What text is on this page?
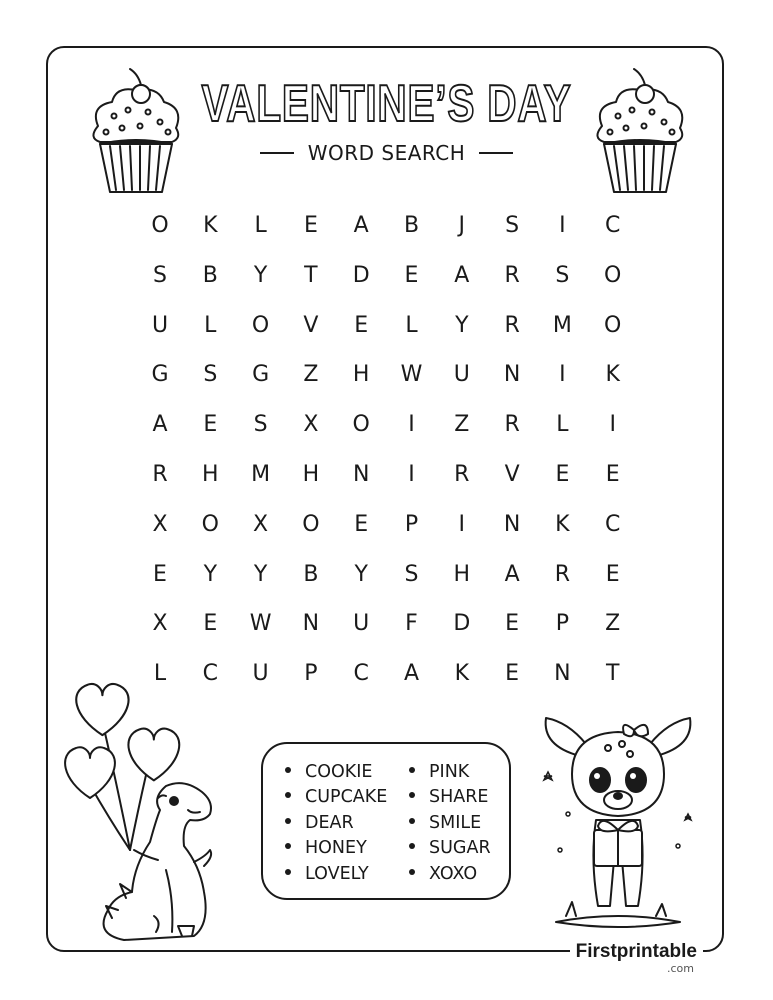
VALENTINE’S DAY
WORD SEARCH
O	K	L	E	A	B	J	S	I	C
S	B	Y	T	D	E	A	R	S	O
U	L	O	V	E	L	Y	R	M	O
G	S	G	Z	H	W	U	N	I	K
A	E	S	X	O	I	Z	R	L	I
R	H	M	H	N	I	R	V	E	E
X	O	X	O	E	P	I	N	K	C
E	Y	Y	B	Y	S	H	A	R	E
X	E	W	N	U	F	D	E	P	Z
L	C	U	P	C	A	K	E	N	T
COOKIE
CUPCAKE
DEAR
HONEY
LOVELY
PINK
SHARE
SMILE
SUGAR
XOXO
Firstprintable
.com
